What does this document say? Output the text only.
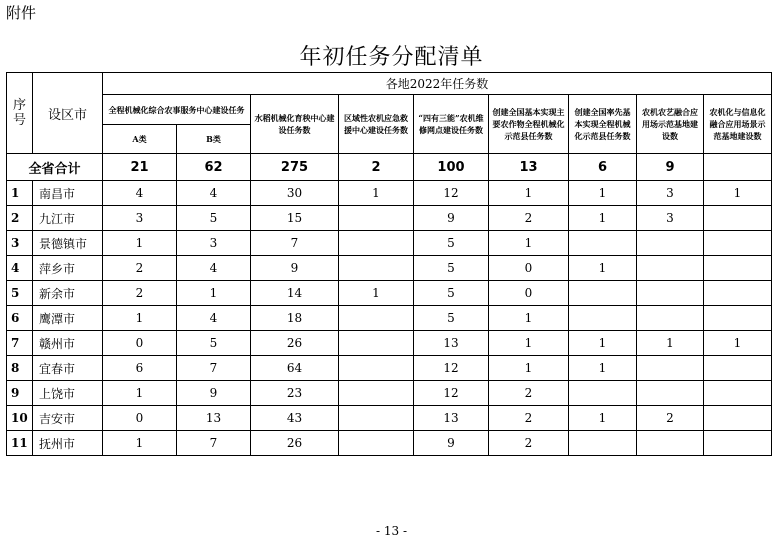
附件
年初任务分配清单
序号	设区市	各地2022年任务数								
		全程机械化综合农事服务中心建设任务		水稻机械化育秧中心建设任务数	区域性农机应急救援中心建设任务数	“四有三能”农机维修网点建设任务数	创建全国基本实现主要农作物全程机械化示范县任务数	创建全国率先基本实现全程机械化示范县任务数	农机农艺融合应用场示范基地建设数	农机化与信息化融合应用场景示范基地建设数
		A类	B类							
全省合计		21	62	275	2	100	13	6	9	
1	南昌市	4	4	30	1	12	1	1	3	1
2	九江市	3	5	15		9	2	1	3	
3	景德镇市	1	3	7		5	1			
4	萍乡市	2	4	9		5	0	1		
5	新余市	2	1	14	1	5	0			
6	鹰潭市	1	4	18		5	1			
7	赣州市	0	5	26		13	1	1	1	1
8	宜春市	6	7	64		12	1	1		
9	上饶市	1	9	23		12	2			
10	吉安市	0	13	43		13	2	1	2	
11	抚州市	1	7	26		9	2			
- 13 -
